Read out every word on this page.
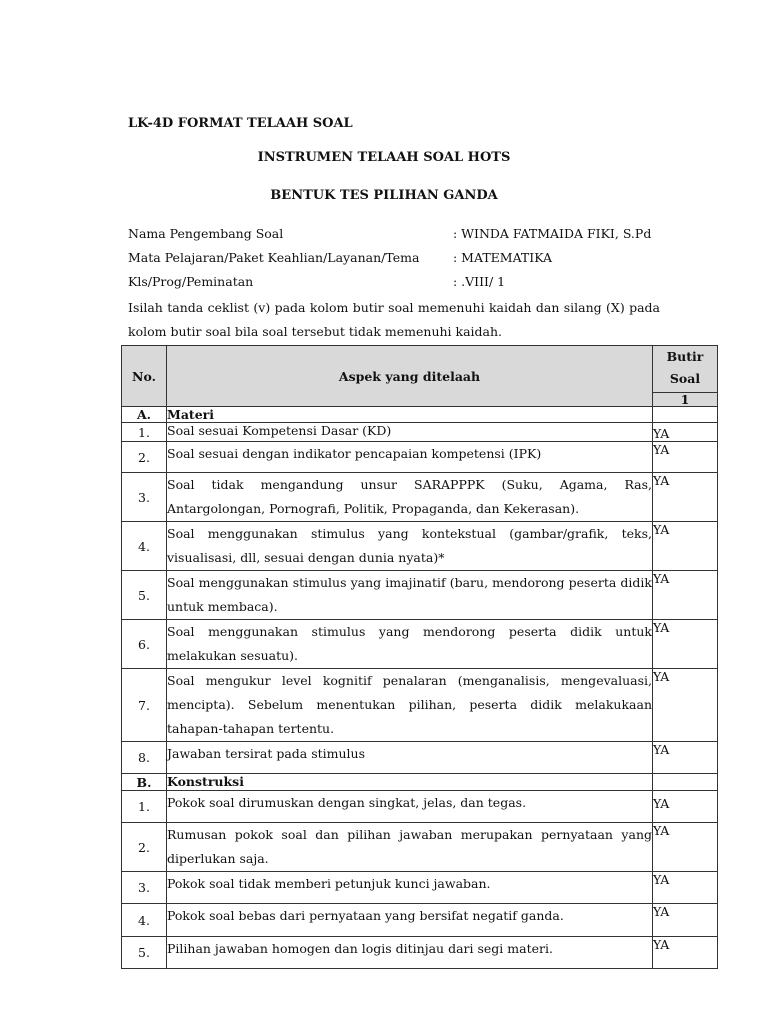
LK-4D FORMAT TELAAH SOAL
INSTRUMEN TELAAH SOAL HOTS
BENTUK TES PILIHAN GANDA
Nama Pengembang Soal	: WINDA FATMAIDA FIKI, S.Pd
Mata Pelajaran/Paket Keahlian/Layanan/Tema	: MATEMATIKA
Kls/Prog/Peminatan	: .VIII/ 1
Isilah tanda ceklist (v) pada kolom butir soal memenuhi kaidah dan silang (X) pada kolom butir soal bila soal tersebut tidak memenuhi kaidah.
No.	Aspek yang ditelaah	Butir Soal
		1
A.	Materi	
1.	Soal sesuai Kompetensi Dasar (KD)	YA
2.	Soal sesuai dengan indikator pencapaian kompetensi (IPK)	YA
3.	Soal tidak mengandung unsur SARAPPPK (Suku, Agama, Ras, Antargolongan, Pornografi, Politik, Propaganda, dan Kekerasan).	YA
4.	Soal menggunakan stimulus yang kontekstual (gambar/grafik, teks, visualisasi, dll, sesuai dengan dunia nyata)*	YA
5.	Soal menggunakan stimulus yang imajinatif (baru, mendorong peserta didik untuk membaca).	YA
6.	Soal menggunakan stimulus yang mendorong peserta didik untuk melakukan sesuatu).	YA
7.	Soal mengukur level kognitif penalaran (menganalisis, mengevaluasi, mencipta). Sebelum menentukan pilihan, peserta didik melakukaan tahapan-tahapan tertentu.	YA
8.	Jawaban tersirat pada stimulus	YA
B.	Konstruksi	
1.	Pokok soal dirumuskan dengan singkat, jelas, dan tegas.	YA
2.	Rumusan pokok soal dan pilihan jawaban merupakan pernyataan yang diperlukan saja.	YA
3.	Pokok soal tidak memberi petunjuk kunci jawaban.	YA
4.	Pokok soal bebas dari pernyataan yang bersifat negatif ganda.	YA
5.	Pilihan jawaban homogen dan logis ditinjau dari segi materi.	YA
